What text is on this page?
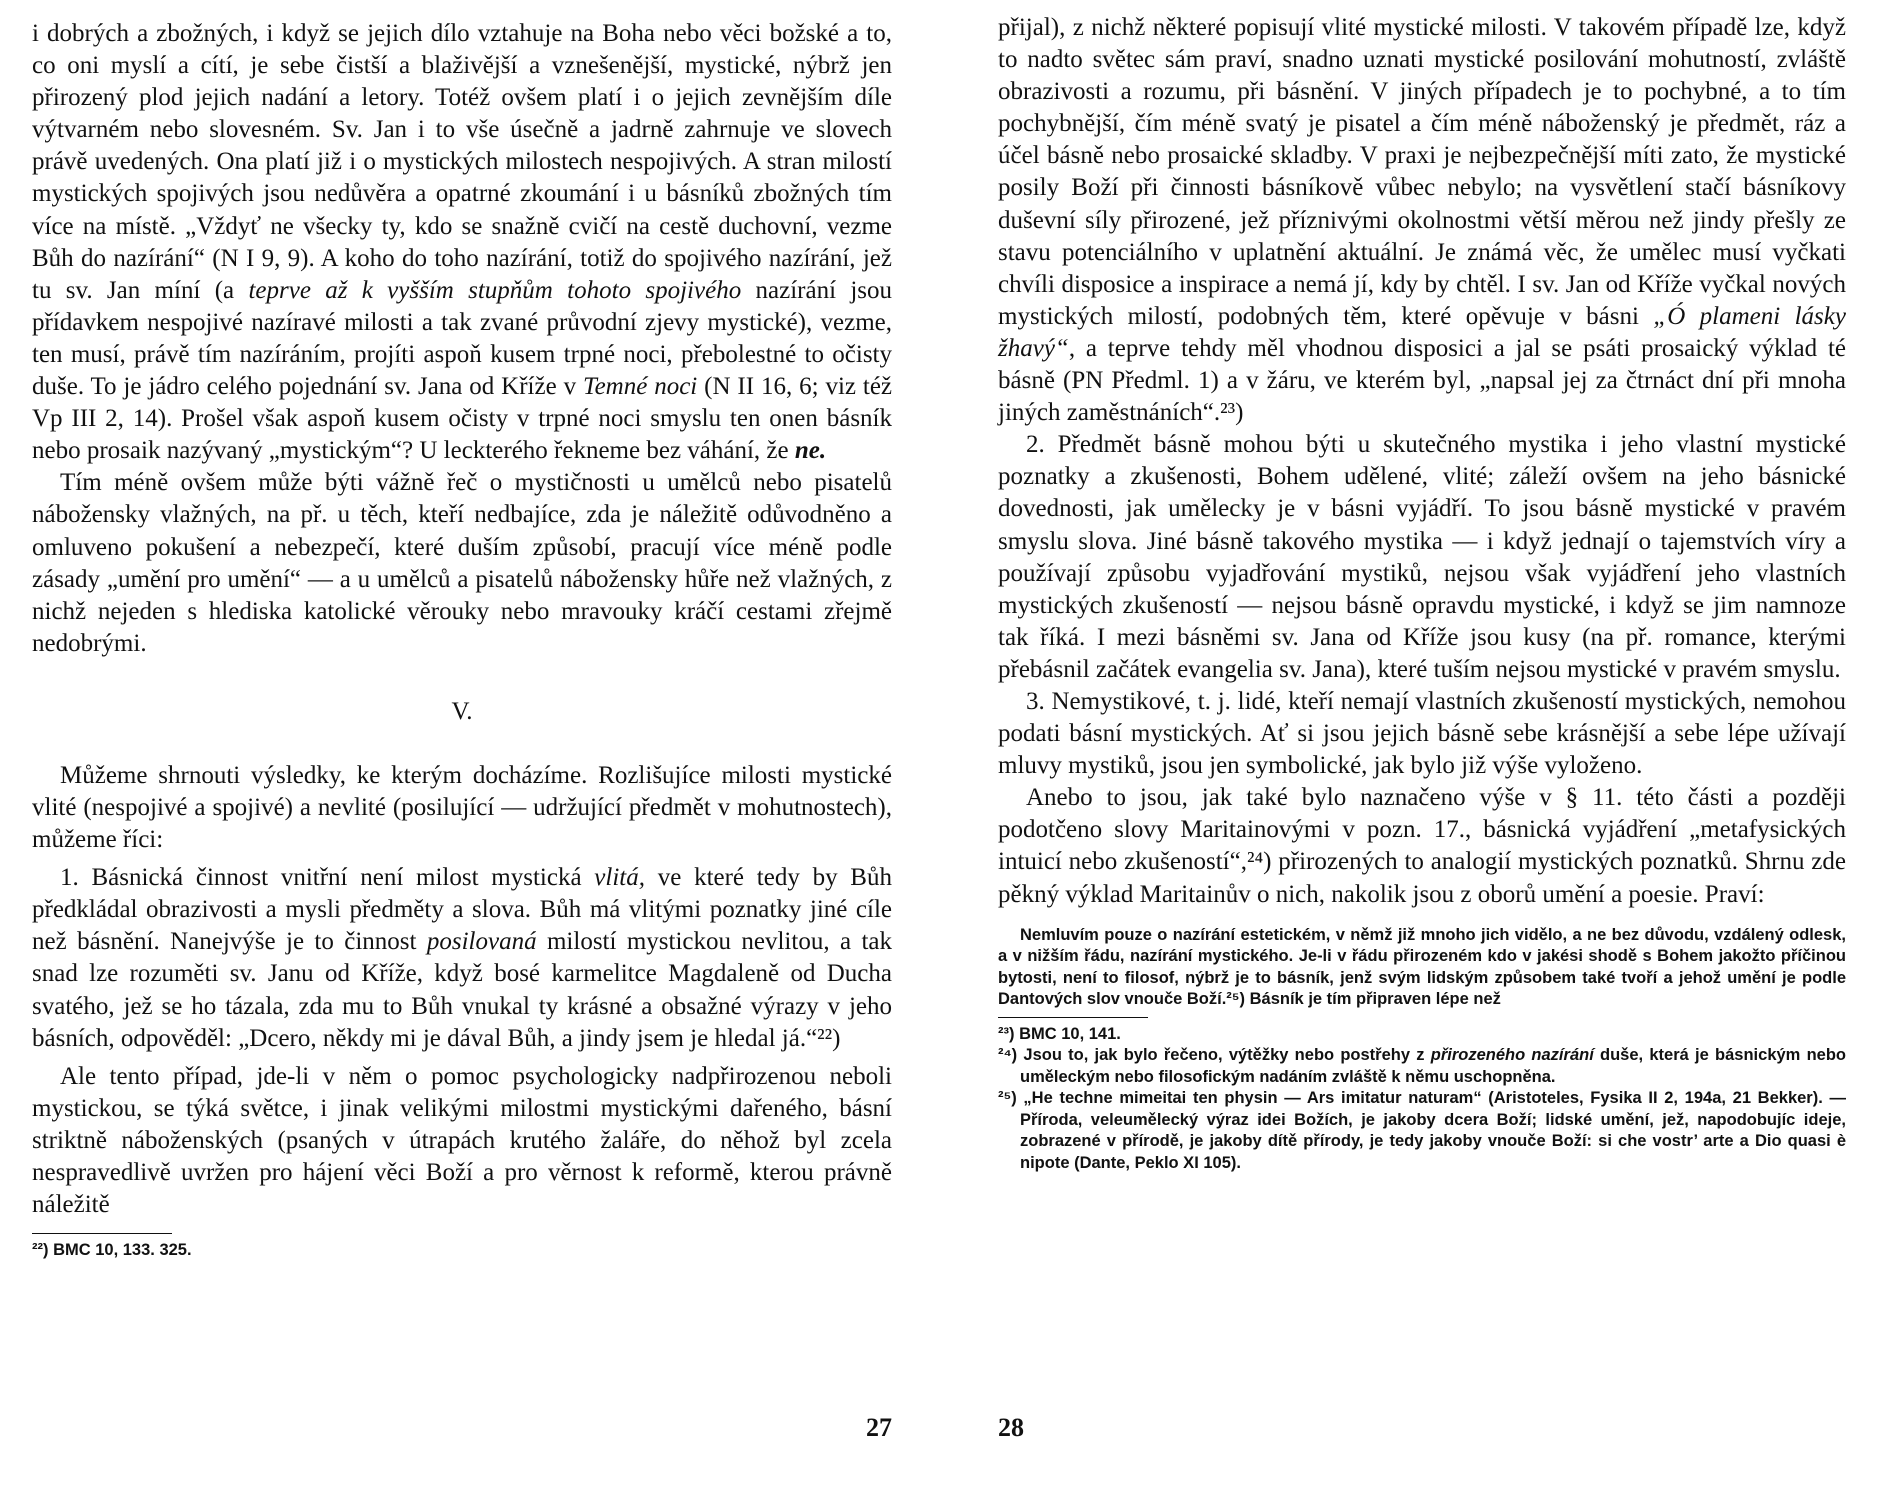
i dobrých a zbožných, i když se jejich dílo vztahuje na Boha nebo věci božské a to, co oni myslí a cítí, je sebe čistší a blaživější a vznešenější, mystické, nýbrž jen přirozený plod jejich nadání a letory. Totéž ovšem platí i o jejich zevnějším díle výtvarném nebo slovesném. Sv. Jan i to vše úsečně a jadrně zahrnuje ve slovech právě uvedených. Ona platí již i o mystických milostech nespojivých. A stran milostí mystických spojivých jsou nedůvěra a opatrné zkoumání i u básníků zbožných tím více na místě. „Vždyť ne všecky ty, kdo se snažně cvičí na cestě duchovní, vezme Bůh do nazírání“ (N I 9, 9). A koho do toho nazírání, totiž do spojivého nazírání, jež tu sv. Jan míní (a teprve až k vyšším stupňům tohoto spojivého nazírání jsou přídavkem nespojivé nazíravé milosti a tak zvané průvodní zjevy mystické), vezme, ten musí, právě tím nazíráním, projíti aspoň kusem trpné noci, přebolestné to očisty duše. To je jádro celého pojednání sv. Jana od Kříže v Temné noci (N II 16, 6; viz též Vp III 2, 14). Prošel však aspoň kusem očisty v trpné noci smyslu ten onen básník nebo prosaik nazývaný „mystickým“? U leckterého řekneme bez váhání, že ne.

Tím méně ovšem může býti vážně řeč o mystičnosti u umělců nebo pisatelů nábožensky vlažných, na př. u těch, kteří nedbajíce, zda je náležitě odůvodněno a omluveno pokušení a nebezpečí, které duším způsobí, pracují více méně podle zásady „umění pro umění“ — a u umělců a pisatelů nábožensky hůře než vlažných, z nichž nejeden s hlediska katolické věrouky nebo mravouky kráčí cestami zřejmě nedobrými.

V.

Můžeme shrnouti výsledky, ke kterým docházíme. Rozlišujíce milosti mystické vlité (nespojivé a spojivé) a nevlité (posilující — udržující předmět v mohutnostech), můžeme říci:

1. Básnická činnost vnitřní není milost mystická vlitá, ve které tedy by Bůh předkládal obrazivosti a mysli předměty a slova. Bůh má vlitými poznatky jiné cíle než básnění. Nanejvýše je to činnost posilovaná milostí mystickou nevlitou, a tak snad lze rozuměti sv. Janu od Kříže, když bosé karmelitce Magdaleně od Ducha svatého, jež se ho tázala, zda mu to Bůh vnukal ty krásné a obsažné výrazy v jeho básních, odpověděl: „Dcero, někdy mi je dával Bůh, a jindy jsem je hledal já.“²²)

Ale tento případ, jde-li v něm o pomoc psychologicky nadpřirozenou neboli mystickou, se týká světce, i jinak velikými milostmi mystickými dařeného, básní striktně náboženských (psaných v útrapách krutého žaláře, do něhož byl zcela nespravedlivě uvržen pro hájení věci Boží a pro věrnost k reformě, kterou právně náležitě

²²) BMC 10, 133. 325.

27

přijal), z nichž některé popisují vlité mystické milosti. V takovém případě lze, když to nadto světec sám praví, snadno uznati mystické posilování mohutností, zvláště obrazivosti a rozumu, při básnění. V jiných případech je to pochybné, a to tím pochybnější, čím méně svatý je pisatel a čím méně náboženský je předmět, ráz a účel básně nebo prosaické skladby. V praxi je nejbezpečnější míti zato, že mystické posily Boží při činnosti básníkově vůbec nebylo; na vysvětlení stačí básníkovy duševní síly přirozené, jež příznivými okolnostmi větší měrou než jindy přešly ze stavu potenciálního v uplatnění aktuální. Je známá věc, že umělec musí vyčkati chvíli disposice a inspirace a nemá jí, kdy by chtěl. I sv. Jan od Kříže vyčkal nových mystických milostí, podobných těm, které opěvuje v básni „Ó plameni lásky žhavý“, a teprve tehdy měl vhodnou disposici a jal se psáti prosaický výklad té básně (PN Předml. 1) a v žáru, ve kterém byl, „napsal jej za čtrnáct dní při mnoha jiných zaměstnáních“.²³)

2. Předmět básně mohou býti u skutečného mystika i jeho vlastní mystické poznatky a zkušenosti, Bohem udělené, vlité; záleží ovšem na jeho básnické dovednosti, jak umělecky je v básni vyjádří. To jsou básně mystické v pravém smyslu slova. Jiné básně takového mystika — i když jednají o tajemstvích víry a používají způsobu vyjadřování mystiků, nejsou však vyjádření jeho vlastních mystických zkušeností — nejsou básně opravdu mystické, i když se jim namnoze tak říká. I mezi básněmi sv. Jana od Kříže jsou kusy (na př. romance, kterými přebásnil začátek evangelia sv. Jana), které tuším nejsou mystické v pravém smyslu.

3. Nemystikové, t. j. lidé, kteří nemají vlastních zkušeností mystických, nemohou podati básní mystických. Ať si jsou jejich básně sebe krásnější a sebe lépe užívají mluvy mystiků, jsou jen symbolické, jak bylo již výše vyloženo.

Anebo to jsou, jak také bylo naznačeno výše v § 11. této části a později podotčeno slovy Maritainovými v pozn. 17., básnická vyjádření „metafysických intuicí nebo zkušeností“,²⁴) přirozených to analogií mystických poznatků. Shrnu zde pěkný výklad Maritainův o nich, nakolik jsou z oborů umění a poesie. Praví:

Nemluvím pouze o nazírání estetickém, v němž již mnoho jich vidělo, a ne bez důvodu, vzdálený odlesk, a v nižším řádu, nazírání mystického. Je-li v řádu přirozeném kdo v jakési shodě s Bohem jakožto příčinou bytosti, není to filosof, nýbrž je to básník, jenž svým lidským způsobem také tvoří a jehož umění je podle Dantových slov vnouče Boží.²⁵) Básník je tím připraven lépe než

²³) BMC 10, 141.

²⁴) Jsou to, jak bylo řečeno, výtěžky nebo postřehy z přirozeného nazírání duše, která je básnickým nebo uměleckým nebo filosofickým nadáním zvláště k němu uschopněna.

²⁵) „He techne mimeitai ten physin — Ars imitatur naturam“ (Aristoteles, Fysika II 2, 194a, 21 Bekker). — Příroda, veleumělecký výraz idei Božích, je jakoby dcera Boží; lidské umění, jež, napodobujíc ideje, zobrazené v přírodě, je jakoby dítě přírody, je tedy jakoby vnouče Boží: si che vostr’ arte a Dio quasi è nipote (Dante, Peklo XI 105).

28
